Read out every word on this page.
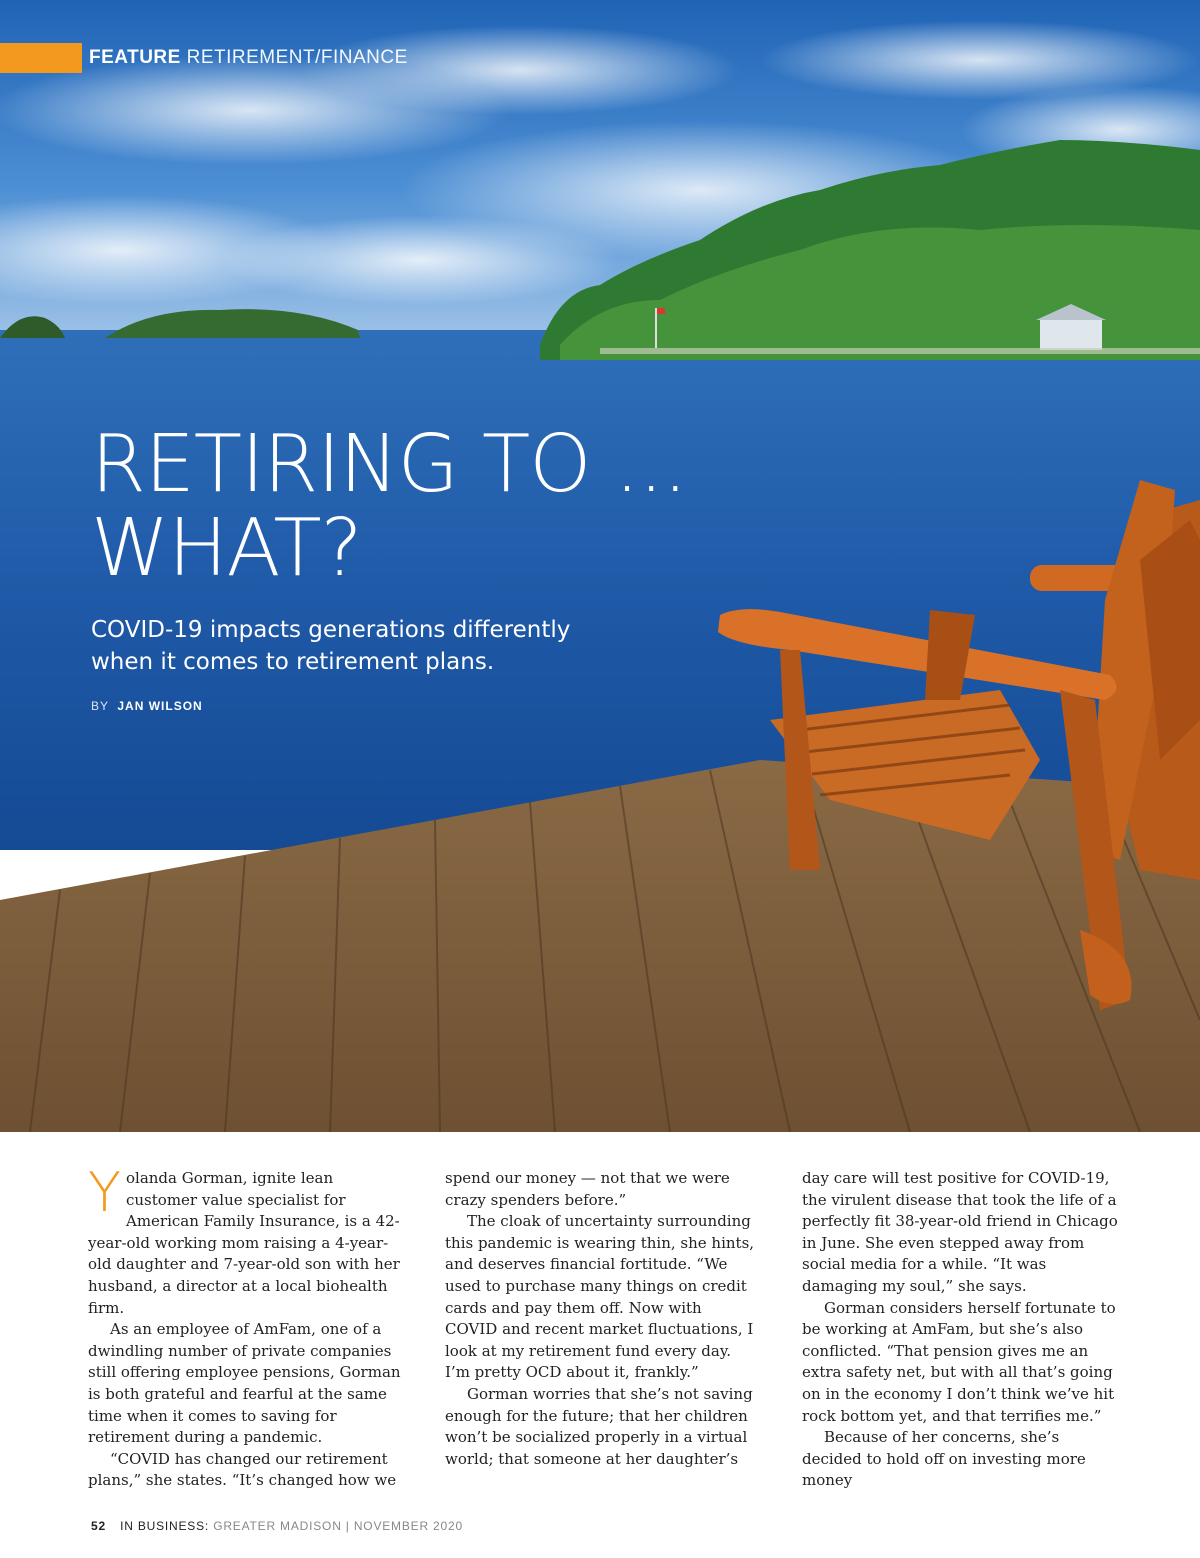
FEATURE RETIREMENT/FINANCE
RETIRING TO ...
WHAT?

COVID-19 impacts generations differently when it comes to retirement plans.

BY JAN WILSON

Yolanda Gorman, ignite lean customer value specialist for American Family Insurance, is a 42-year-old working mom raising a 4-year-old daughter and 7-year-old son with her husband, a director at a local biohealth firm.

As an employee of AmFam, one of a dwindling number of private companies still offering employee pensions, Gorman is both grateful and fearful at the same time when it comes to saving for retirement during a pandemic.

“COVID has changed our retirement plans,” she states. “It’s changed how we

spend our money — not that we were crazy spenders before.”

The cloak of uncertainty surrounding this pandemic is wearing thin, she hints, and deserves financial fortitude. “We used to purchase many things on credit cards and pay them off. Now with COVID and recent market fluctuations, I look at my retirement fund every day. I’m pretty OCD about it, frankly.”

Gorman worries that she’s not saving enough for the future; that her children won’t be socialized properly in a virtual world; that someone at her daughter’s

day care will test positive for COVID-19, the virulent disease that took the life of a perfectly fit 38-year-old friend in Chicago in June. She even stepped away from social media for a while. “It was damaging my soul,” she says.

Gorman considers herself fortunate to be working at AmFam, but she’s also conflicted. “That pension gives me an extra safety net, but with all that’s going on in the economy I don’t think we’ve hit rock bottom yet, and that terrifies me.”

Because of her concerns, she’s decided to hold off on investing more money

52 IN BUSINESS: GREATER MADISON | NOVEMBER 2020
